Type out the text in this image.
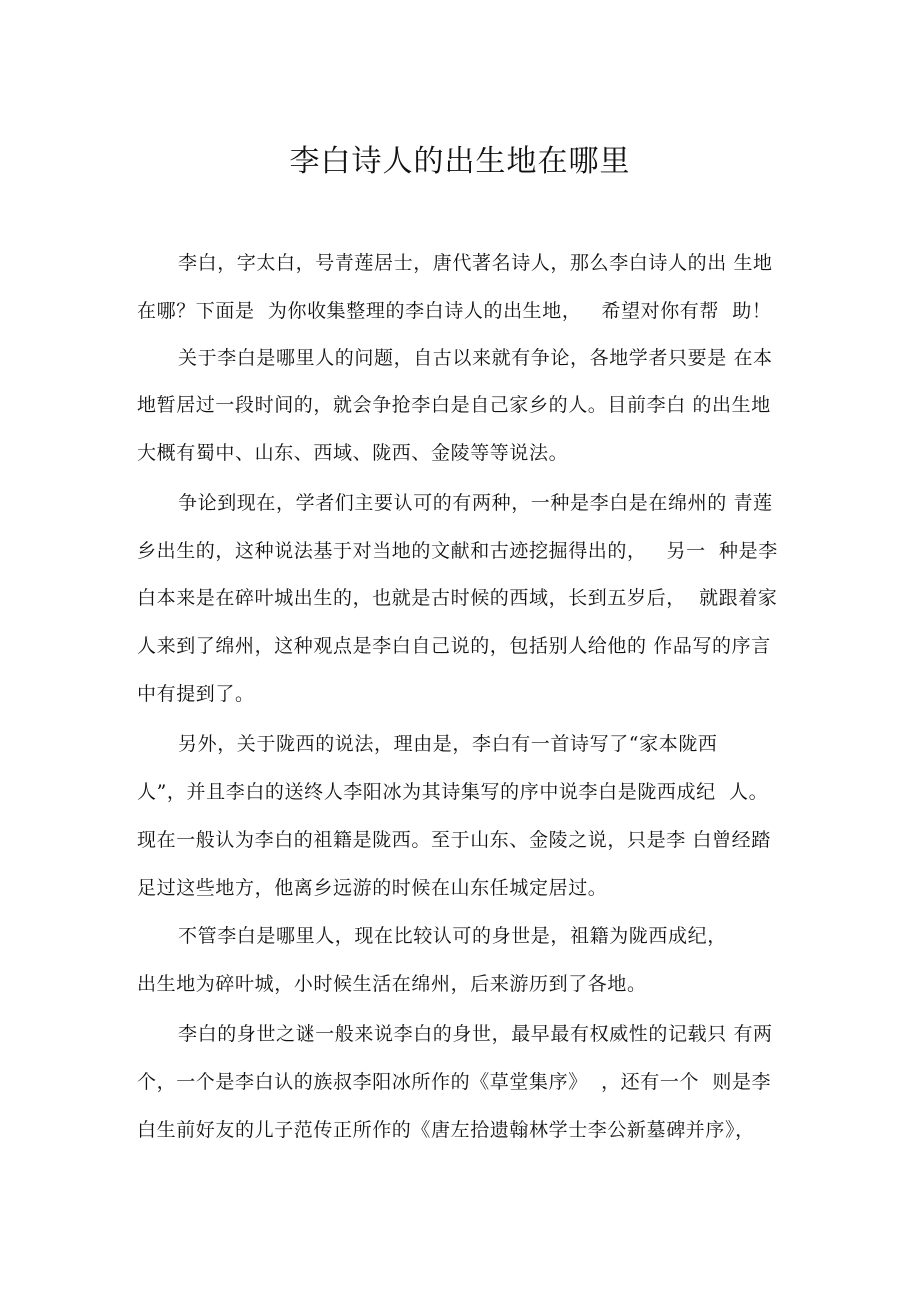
李白诗人的出生地在哪里
李白，字太白，号青莲居士，唐代著名诗人，那么李白诗人的出 生地
在哪？下面是  为你收集整理的李白诗人的出生地，   希望对你有帮  助！
关于李白是哪里人的问题，自古以来就有争论，各地学者只要是 在本
地暂居过一段时间的，就会争抢李白是自己家乡的人。目前李白 的出生地
大概有蜀中、山东、西域、陇西、金陵等等说法。
争论到现在，学者们主要认可的有两种，一种是李白是在绵州的 青莲
乡出生的，这种说法基于对当地的文献和古迹挖掘得出的，   另一  种是李
白本来是在碎叶城出生的，也就是古时候的西域，长到五岁后，  就跟着家
人来到了绵州，这种观点是李白自己说的，包括别人给他的 作品写的序言
中有提到了。
另外，关于陇西的说法，理由是，李白有一首诗写了“家本陇西
人”，并且李白的送终人李阳冰为其诗集写的序中说李白是陇西成纪  人。
现在一般认为李白的祖籍是陇西。至于山东、金陵之说，只是李 白曾经踏
足过这些地方，他离乡远游的时候在山东任城定居过。
不管李白是哪里人，现在比较认可的身世是，祖籍为陇西成纪，
出生地为碎叶城，小时候生活在绵州，后来游历到了各地。
李白的身世之谜一般来说李白的身世，最早最有权威性的记载只 有两
个，一个是李白认的族叔李阳冰所作的《草堂集序》  ，还有一个  则是李
白生前好友的儿子范传正所作的《唐左拾遗翰林学士李公新墓碑并序》，
